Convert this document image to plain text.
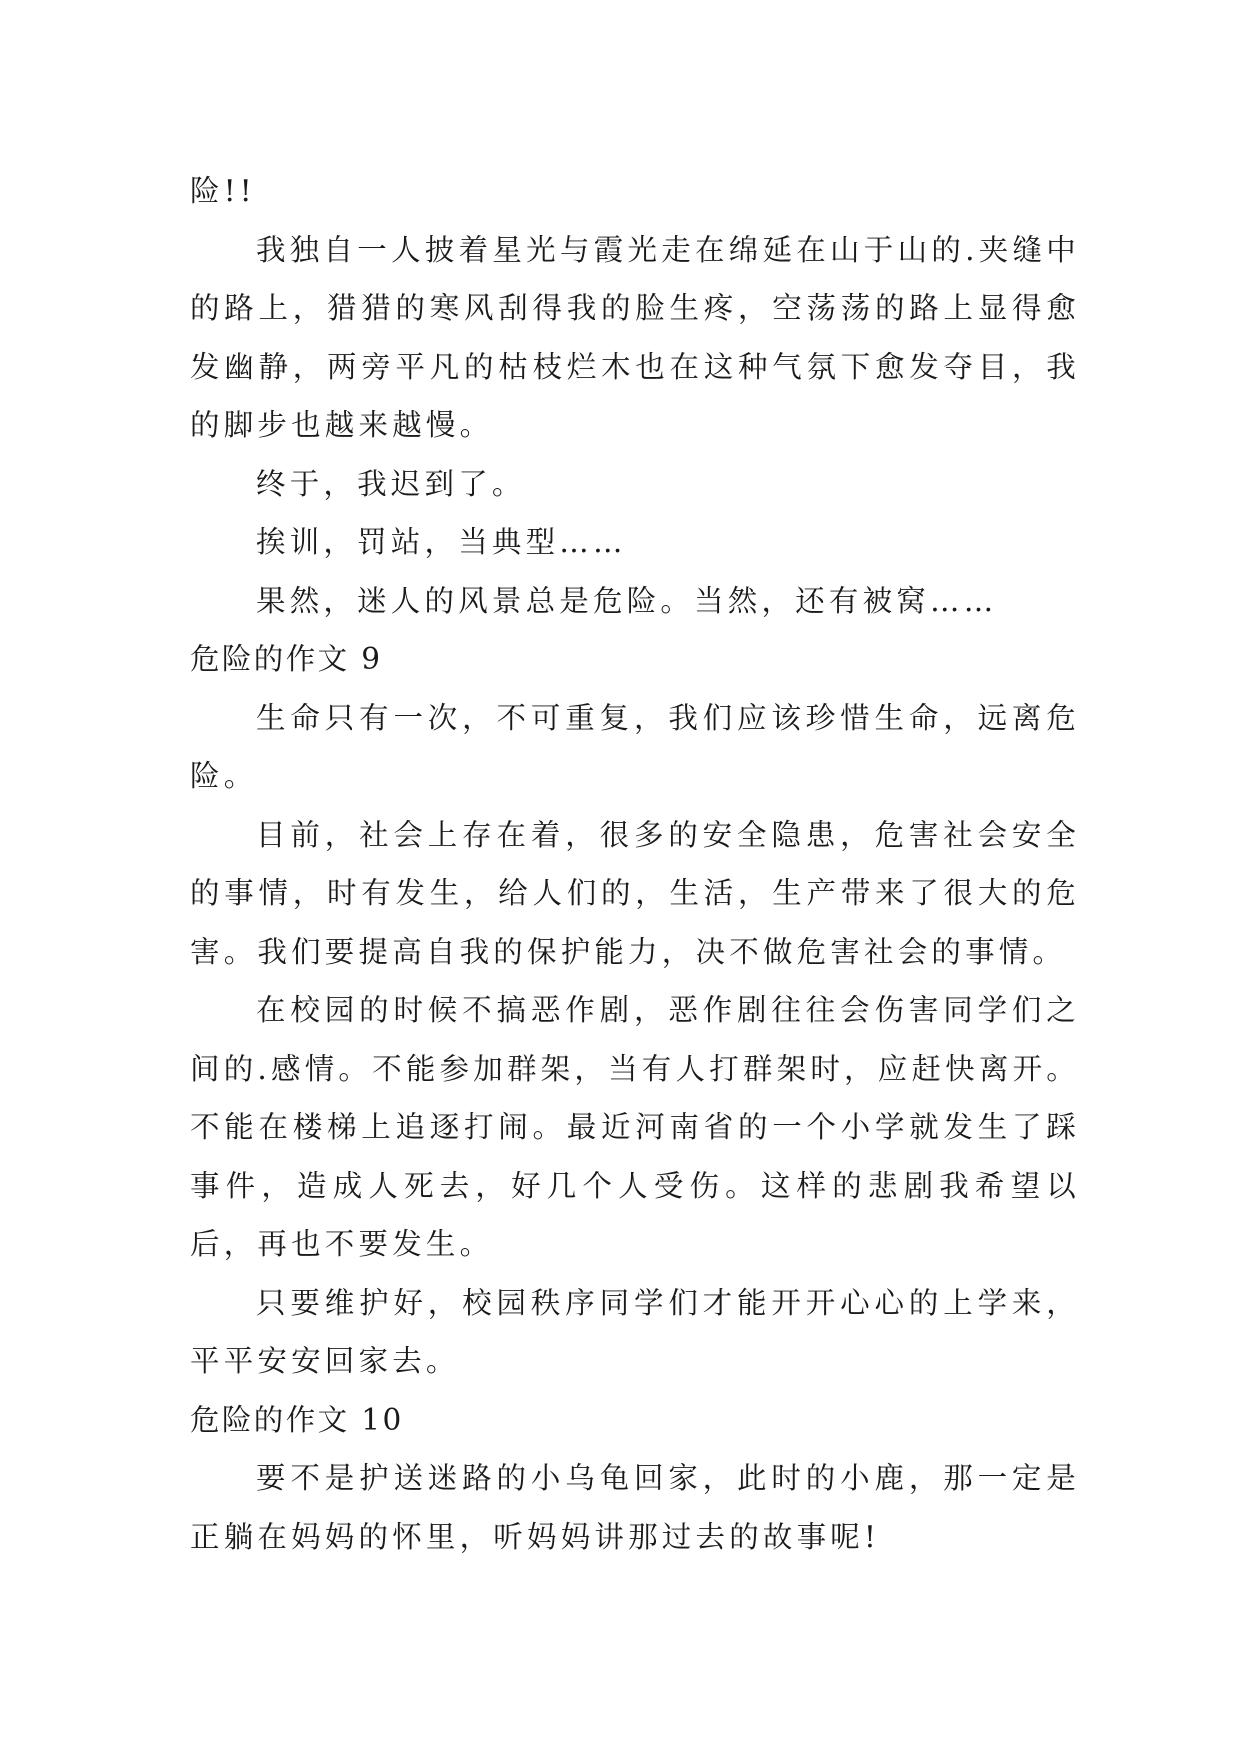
险!!

我独自一人披着星光与霞光走在绵延在山于山的.夹缝中的路上，猎猎的寒风刮得我的脸生疼，空荡荡的路上显得愈发幽静，两旁平凡的枯枝烂木也在这种气氛下愈发夺目，我的脚步也越来越慢。

终于，我迟到了。

挨训，罚站，当典型……

果然，迷人的风景总是危险。当然，还有被窝……

危险的作文 9

生命只有一次，不可重复，我们应该珍惜生命，远离危险。

目前，社会上存在着，很多的安全隐患，危害社会安全的事情，时有发生，给人们的，生活，生产带来了很大的危害。我们要提高自我的保护能力，决不做危害社会的事情。

在校园的时候不搞恶作剧，恶作剧往往会伤害同学们之间的.感情。不能参加群架，当有人打群架时，应赶快离开。不能在楼梯上追逐打闹。最近河南省的一个小学就发生了踩事件，造成人死去，好几个人受伤。这样的悲剧我希望以后，再也不要发生。

只要维护好，校园秩序同学们才能开开心心的上学来，平平安安回家去。

危险的作文 10

要不是护送迷路的小乌龟回家，此时的小鹿，那一定是正躺在妈妈的怀里，听妈妈讲那过去的故事呢!
